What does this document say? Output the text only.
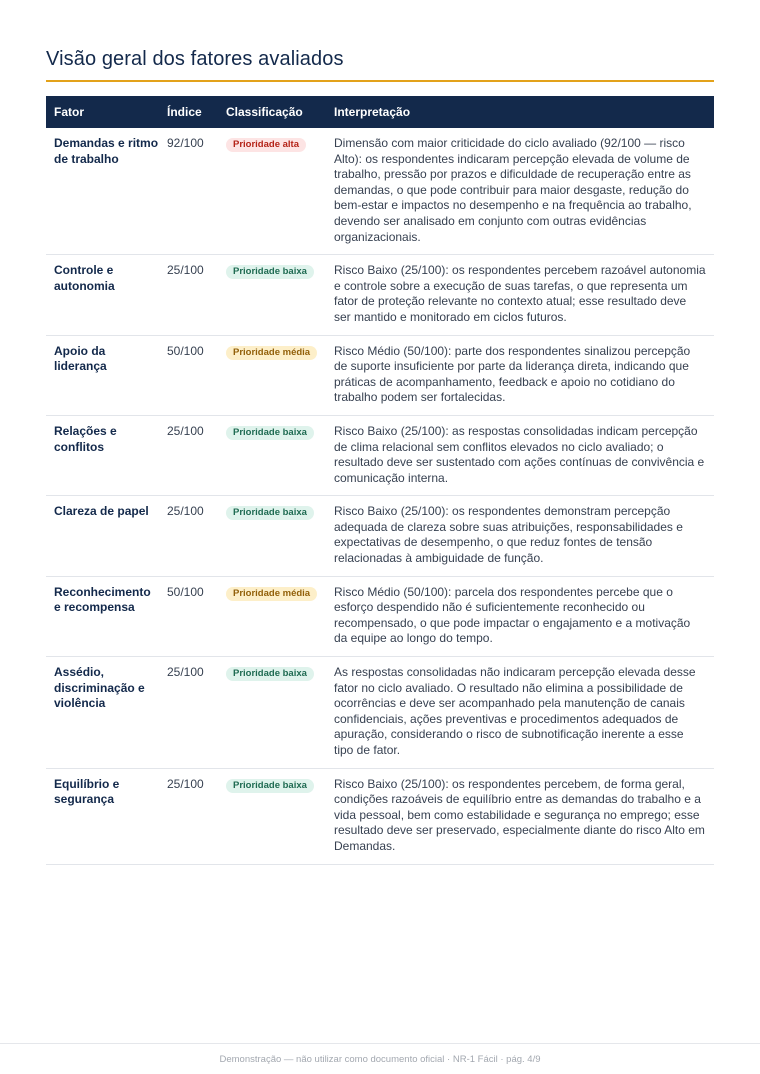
Visão geral dos fatores avaliados
Fator	Índice	Classificação	Interpretação
Demandas e ritmo de trabalho	92/100	Prioridade alta	Dimensão com maior criticidade do ciclo avaliado (92/100 — risco Alto): os respondentes indicaram percepção elevada de volume de trabalho, pressão por prazos e dificuldade de recuperação entre as demandas, o que pode contribuir para maior desgaste, redução do bem-estar e impactos no desempenho e na frequência ao trabalho, devendo ser analisado em conjunto com outras evidências organizacionais.
Controle e autonomia	25/100	Prioridade baixa	Risco Baixo (25/100): os respondentes percebem razoável autonomia e controle sobre a execução de suas tarefas, o que representa um fator de proteção relevante no contexto atual; esse resultado deve ser mantido e monitorado em ciclos futuros.
Apoio da liderança	50/100	Prioridade média	Risco Médio (50/100): parte dos respondentes sinalizou percepção de suporte insuficiente por parte da liderança direta, indicando que práticas de acompanhamento, feedback e apoio no cotidiano do trabalho podem ser fortalecidas.
Relações e conflitos	25/100	Prioridade baixa	Risco Baixo (25/100): as respostas consolidadas indicam percepção de clima relacional sem conflitos elevados no ciclo avaliado; o resultado deve ser sustentado com ações contínuas de convivência e comunicação interna.
Clareza de papel	25/100	Prioridade baixa	Risco Baixo (25/100): os respondentes demonstram percepção adequada de clareza sobre suas atribuições, responsabilidades e expectativas de desempenho, o que reduz fontes de tensão relacionadas à ambiguidade de função.
Reconhecimento e recompensa	50/100	Prioridade média	Risco Médio (50/100): parcela dos respondentes percebe que o esforço despendido não é suficientemente reconhecido ou recompensado, o que pode impactar o engajamento e a motivação da equipe ao longo do tempo.
Assédio, discriminação e violência	25/100	Prioridade baixa	As respostas consolidadas não indicaram percepção elevada desse fator no ciclo avaliado. O resultado não elimina a possibilidade de ocorrências e deve ser acompanhado pela manutenção de canais confidenciais, ações preventivas e procedimentos adequados de apuração, considerando o risco de subnotificação inerente a esse tipo de fator.
Equilíbrio e segurança	25/100	Prioridade baixa	Risco Baixo (25/100): os respondentes percebem, de forma geral, condições razoáveis de equilíbrio entre as demandas do trabalho e a vida pessoal, bem como estabilidade e segurança no emprego; esse resultado deve ser preservado, especialmente diante do risco Alto em Demandas.
Demonstração — não utilizar como documento oficial · NR-1 Fácil · pág. 4/9
